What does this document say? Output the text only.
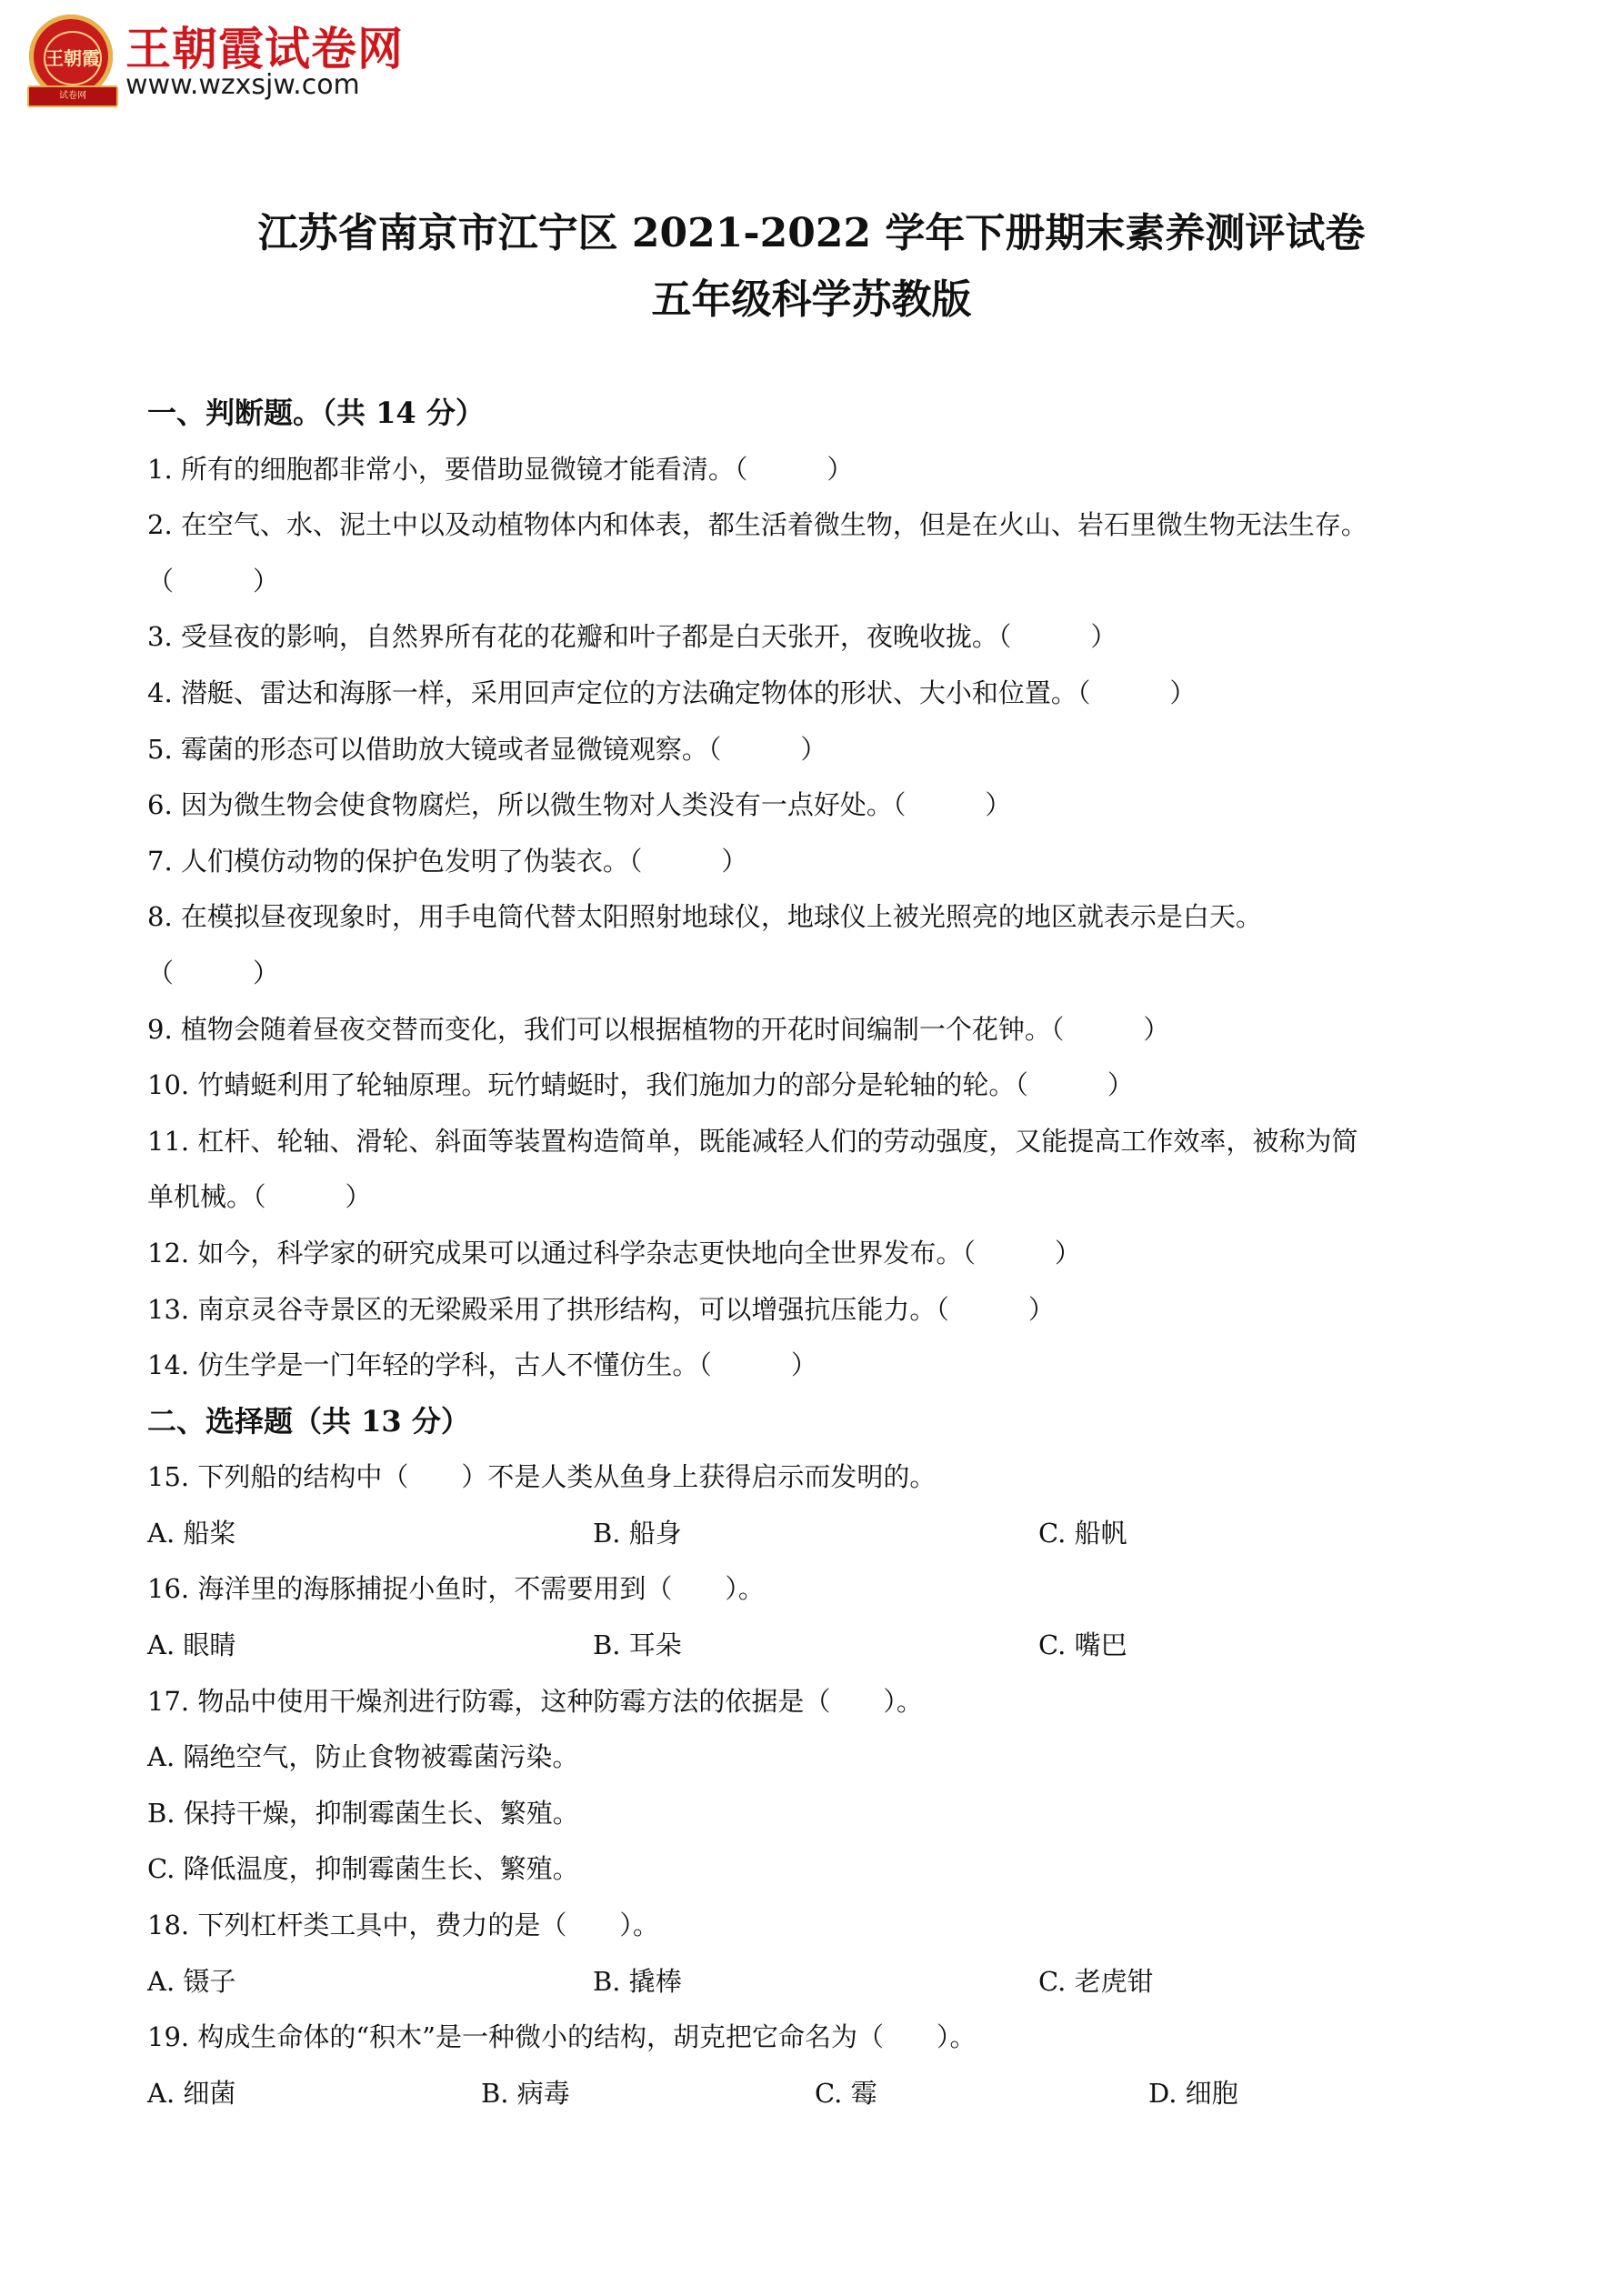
王朝霞
试卷网
王朝霞试卷网
www.wzxsjw.com
江苏省南京市江宁区 2021-2022 学年下册期末素养测评试卷
五年级科学苏教版
一、判断题。（共 14 分）
1. 所有的细胞都非常小，要借助显微镜才能看清。（　　　）
2. 在空气、水、泥土中以及动植物体内和体表，都生活着微生物，但是在火山、岩石里微生物无法生存。
（　　　）
3. 受昼夜的影响，自然界所有花的花瓣和叶子都是白天张开，夜晚收拢。（　　　）
4. 潜艇、雷达和海豚一样，采用回声定位的方法确定物体的形状、大小和位置。（　　　）
5. 霉菌的形态可以借助放大镜或者显微镜观察。（　　　）
6. 因为微生物会使食物腐烂，所以微生物对人类没有一点好处。（　　　）
7. 人们模仿动物的保护色发明了伪装衣。（　　　）
8. 在模拟昼夜现象时，用手电筒代替太阳照射地球仪，地球仪上被光照亮的地区就表示是白天。
（　　　）
9. 植物会随着昼夜交替而变化，我们可以根据植物的开花时间编制一个花钟。（　　　）
10. 竹蜻蜓利用了轮轴原理。玩竹蜻蜓时，我们施加力的部分是轮轴的轮。（　　　）
11. 杠杆、轮轴、滑轮、斜面等装置构造简单，既能减轻人们的劳动强度，又能提高工作效率，被称为简
单机械。（　　　）
12. 如今，科学家的研究成果可以通过科学杂志更快地向全世界发布。（　　　）
13. 南京灵谷寺景区的无梁殿采用了拱形结构，可以增强抗压能力。（　　　）
14. 仿生学是一门年轻的学科，古人不懂仿生。（　　　）
二、选择题（共 13 分）
15. 下列船的结构中（　　）不是人类从鱼身上获得启示而发明的。
A. 船桨	B. 船身	C. 船帆
16. 海洋里的海豚捕捉小鱼时，不需要用到（　　）。
A. 眼睛	B. 耳朵	C. 嘴巴
17. 物品中使用干燥剂进行防霉，这种防霉方法的依据是（　　）。
A. 隔绝空气，防止食物被霉菌污染。
B. 保持干燥，抑制霉菌生长、繁殖。
C. 降低温度，抑制霉菌生长、繁殖。
18. 下列杠杆类工具中，费力的是（　　）。
A. 镊子	B. 撬棒	C. 老虎钳
19. 构成生命体的“积木”是一种微小的结构，胡克把它命名为（　　）。
A. 细菌	B. 病毒	C. 霉	D. 细胞
